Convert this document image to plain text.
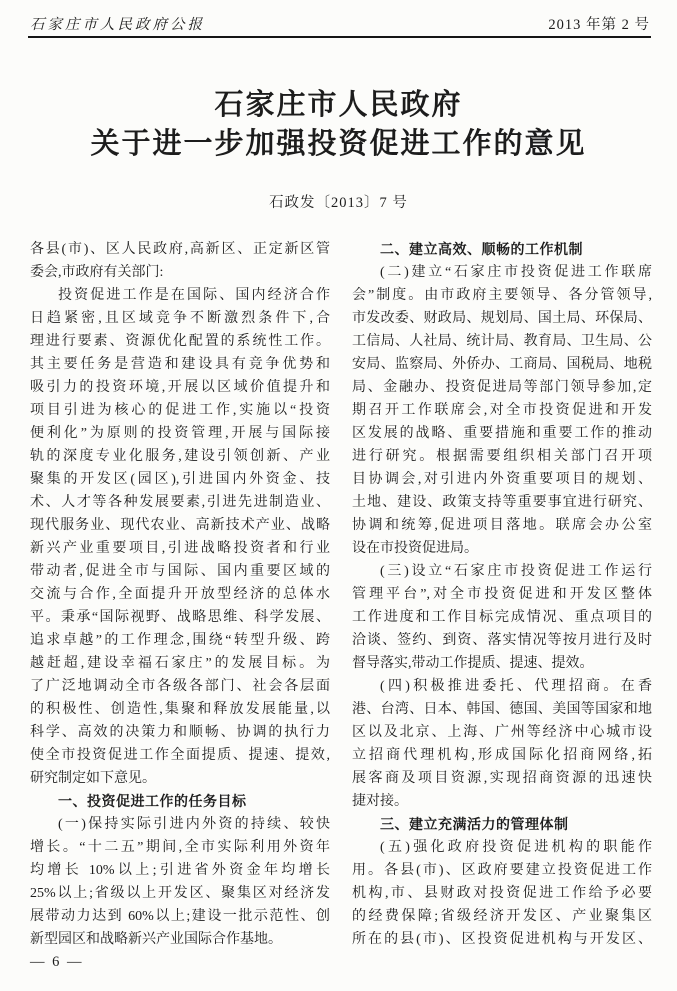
石家庄市人民政府公报	2013 年第 2 号
石家庄市人民政府
关于进一步加强投资促进工作的意见
石政发〔2013〕7 号
各县(市)、区人民政府,高新区、正定新区管
委会,市政府有关部门:
投资促进工作是在国际、国内经济合作
日趋紧密,且区域竞争不断激烈条件下,合
理进行要素、资源优化配置的系统性工作。
其主要任务是营造和建设具有竞争优势和
吸引力的投资环境,开展以区域价值提升和
项目引进为核心的促进工作,实施以“投资
便利化”为原则的投资管理,开展与国际接
轨的深度专业化服务,建设引领创新、产业
聚集的开发区(园区),引进国内外资金、技
术、人才等各种发展要素,引进先进制造业、
现代服务业、现代农业、高新技术产业、战略
新兴产业重要项目,引进战略投资者和行业
带动者,促进全市与国际、国内重要区域的
交流与合作,全面提升开放型经济的总体水
平。秉承“国际视野、战略思维、科学发展、
追求卓越”的工作理念,围绕“转型升级、跨
越赶超,建设幸福石家庄”的发展目标。为
了广泛地调动全市各级各部门、社会各层面
的积极性、创造性,集聚和释放发展能量,以
科学、高效的决策力和顺畅、协调的执行力
使全市投资促进工作全面提质、提速、提效,
研究制定如下意见。
一、投资促进工作的任务目标
(一)保持实际引进内外资的持续、较快
增长。“十二五”期间,全市实际利用外资年
均增长 10%以上;引进省外资金年均增长
25%以上;省级以上开发区、聚集区对经济发
展带动力达到 60%以上;建设一批示范性、创
新型园区和战略新兴产业国际合作基地。
二、建立高效、顺畅的工作机制
(二)建立“石家庄市投资促进工作联席
会”制度。由市政府主要领导、各分管领导,
市发改委、财政局、规划局、国土局、环保局、
工信局、人社局、统计局、教育局、卫生局、公
安局、监察局、外侨办、工商局、国税局、地税
局、金融办、投资促进局等部门领导参加,定
期召开工作联席会,对全市投资促进和开发
区发展的战略、重要措施和重要工作的推动
进行研究。根据需要组织相关部门召开项
目协调会,对引进内外资重要项目的规划、
土地、建设、政策支持等重要事宜进行研究、
协调和统筹,促进项目落地。联席会办公室
设在市投资促进局。
(三)设立“石家庄市投资促进工作运行
管理平台”,对全市投资促进和开发区整体
工作进度和工作目标完成情况、重点项目的
洽谈、签约、到资、落实情况等按月进行及时
督导落实,带动工作提质、提速、提效。
(四)积极推进委托、代理招商。在香
港、台湾、日本、韩国、德国、美国等国家和地
区以及北京、上海、广州等经济中心城市设
立招商代理机构,形成国际化招商网络,拓
展客商及项目资源,实现招商资源的迅速快
捷对接。
三、建立充满活力的管理体制
(五)强化政府投资促进机构的职能作
用。各县(市)、区政府要建立投资促进工作
机构,市、县财政对投资促进工作给予必要
的经费保障;省级经济开发区、产业聚集区
所在的县(市)、区投资促进机构与开发区、
— 6 —
